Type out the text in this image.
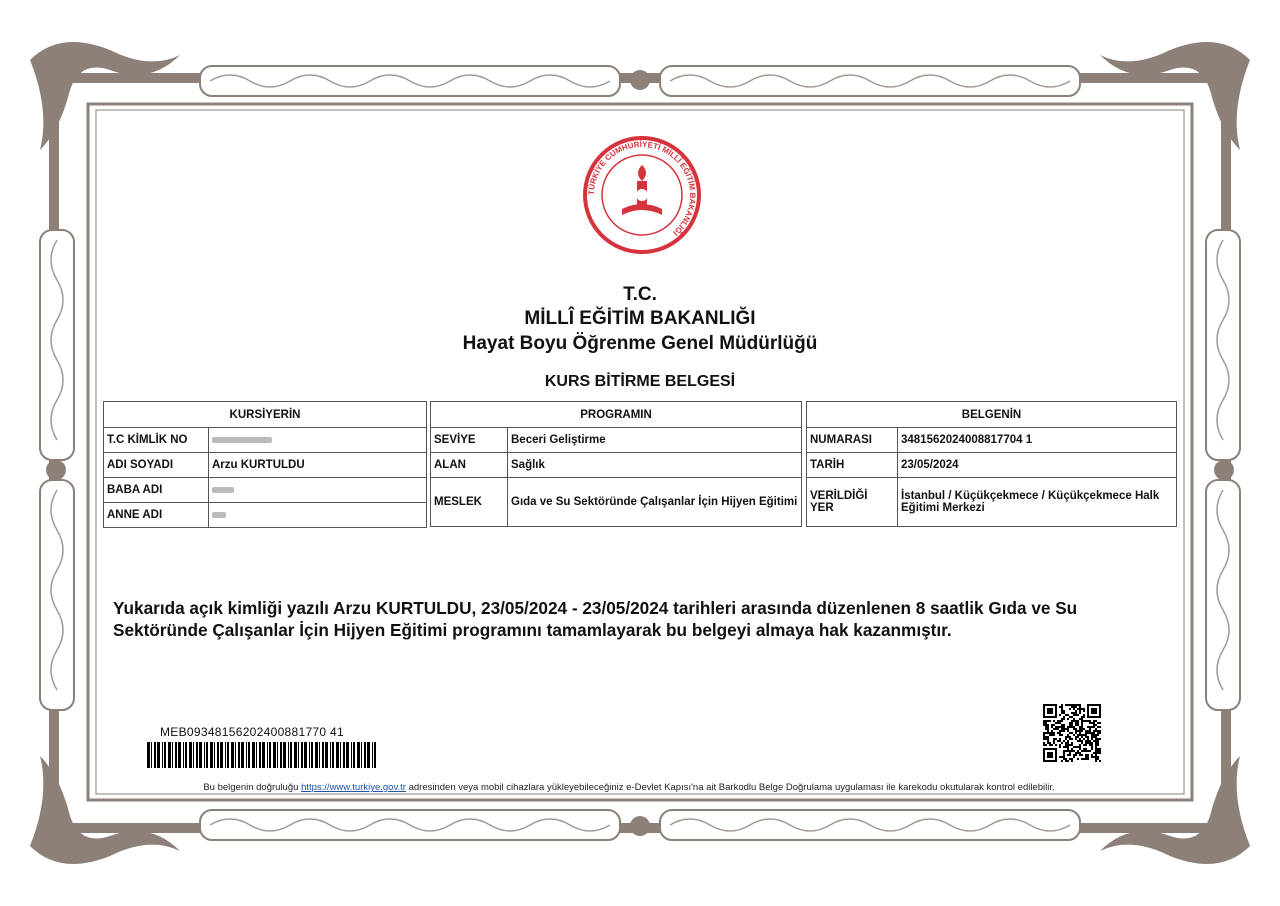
TÜRKİYE CUMHURİYETİ MİLLÎ EĞİTİM BAKANLIĞI
T.C.
MİLLÎ EĞİTİM BAKANLIĞI
Hayat Boyu Öğrenme Genel Müdürlüğü
KURS BİTİRME BELGESİ
KURSİYERİN	
T.C KİMLİK NO	
ADI SOYADI	Arzu KURTULDU
BABA ADI	
ANNE ADI	
PROGRAMIN	
SEVİYE	Beceri Geliştirme
ALAN	Sağlık
MESLEK	Gıda ve Su Sektöründe Çalışanlar İçin Hijyen Eğitimi
BELGENİN	
NUMARASI	3481562024008817704 1
TARİH	23/05/2024
VERİLDİĞİ YER	İstanbul / Küçükçekmece / Küçükçekmece Halk Eğitimi Merkezi
Yukarıda açık kimliği yazılı Arzu KURTULDU, 23/05/2024 - 23/05/2024 tarihleri arasında düzenlenen 8 saatlik Gıda ve Su Sektöründe Çalışanlar İçin Hijyen Eğitimi programını tamamlayarak bu belgeyi almaya hak kazanmıştır.
MEB09348156202400881770 41
Bu belgenin doğruluğu https://www.turkiye.gov.tr adresinden veya mobil cihazlara yükleyebileceğiniz e-Devlet Kapısı'na ait Barkodlu Belge Doğrulama uygulaması ile karekodu okutularak kontrol edilebilir.
